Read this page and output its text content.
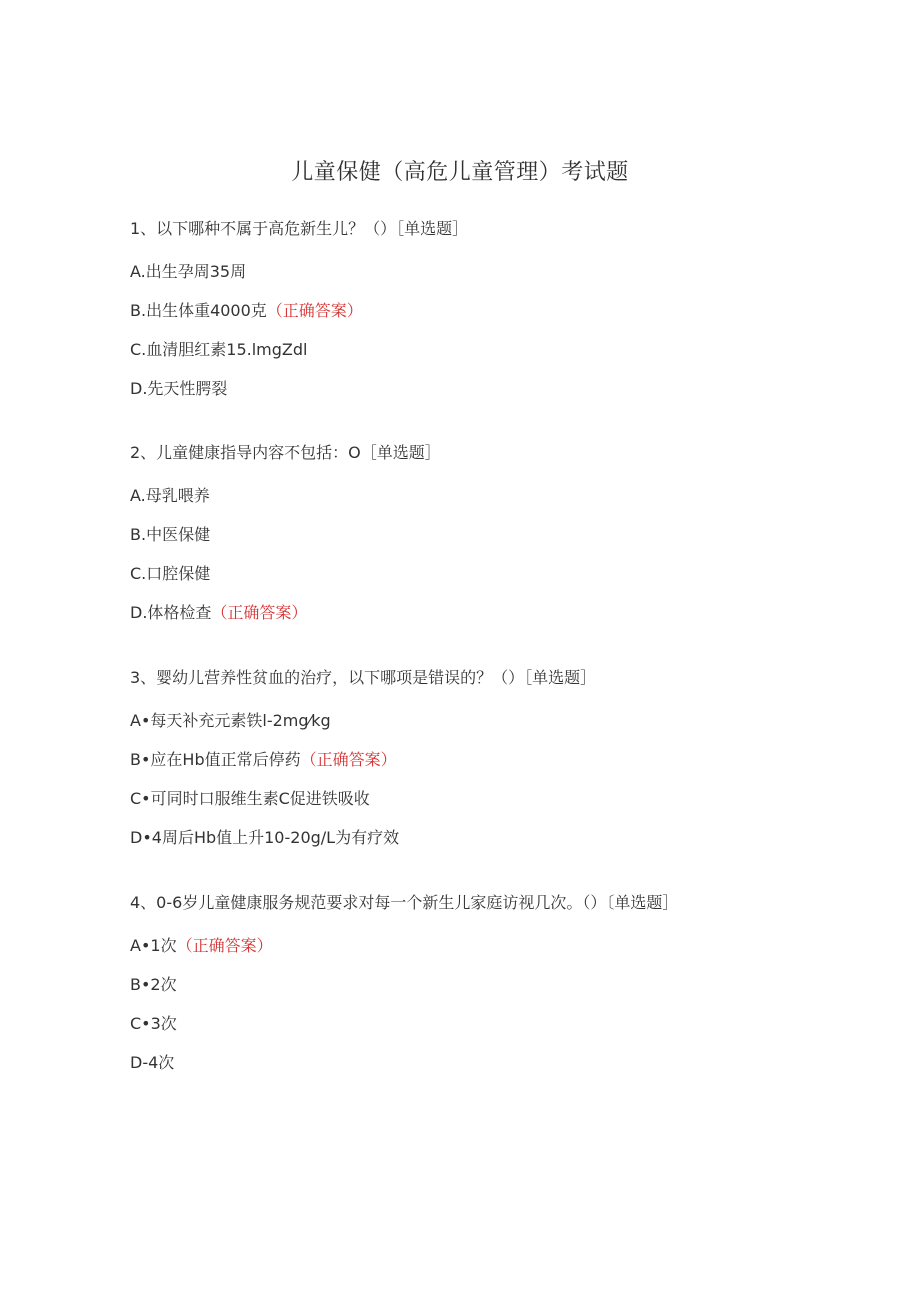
儿童保健（高危儿童管理）考试题
1、以下哪种不属于高危新生儿？（）［单选题］
A.出生孕周35周
B.出生体重4000克（正确答案）
C.血清胆红素15.lmgZdl
D.先天性腭裂
2、儿童健康指导内容不包括：O［单选题］
A.母乳喂养
B.中医保健
C.口腔保健
D.体格检查（正确答案）
3、婴幼儿营养性贫血的治疗，以下哪项是错误的？（）［单选题］
A•每天补充元素铁l-2mg⁄kg
B•应在Hb值正常后停药（正确答案）
C•可同时口服维生素C促进铁吸收
D•4周后Hb值上升10-20g/L为有疗效
4、0-6岁儿童健康服务规范要求对每一个新生儿家庭访视几次。（）〔单选题］
A•1次（正确答案）
B•2次
C•3次
D-4次
